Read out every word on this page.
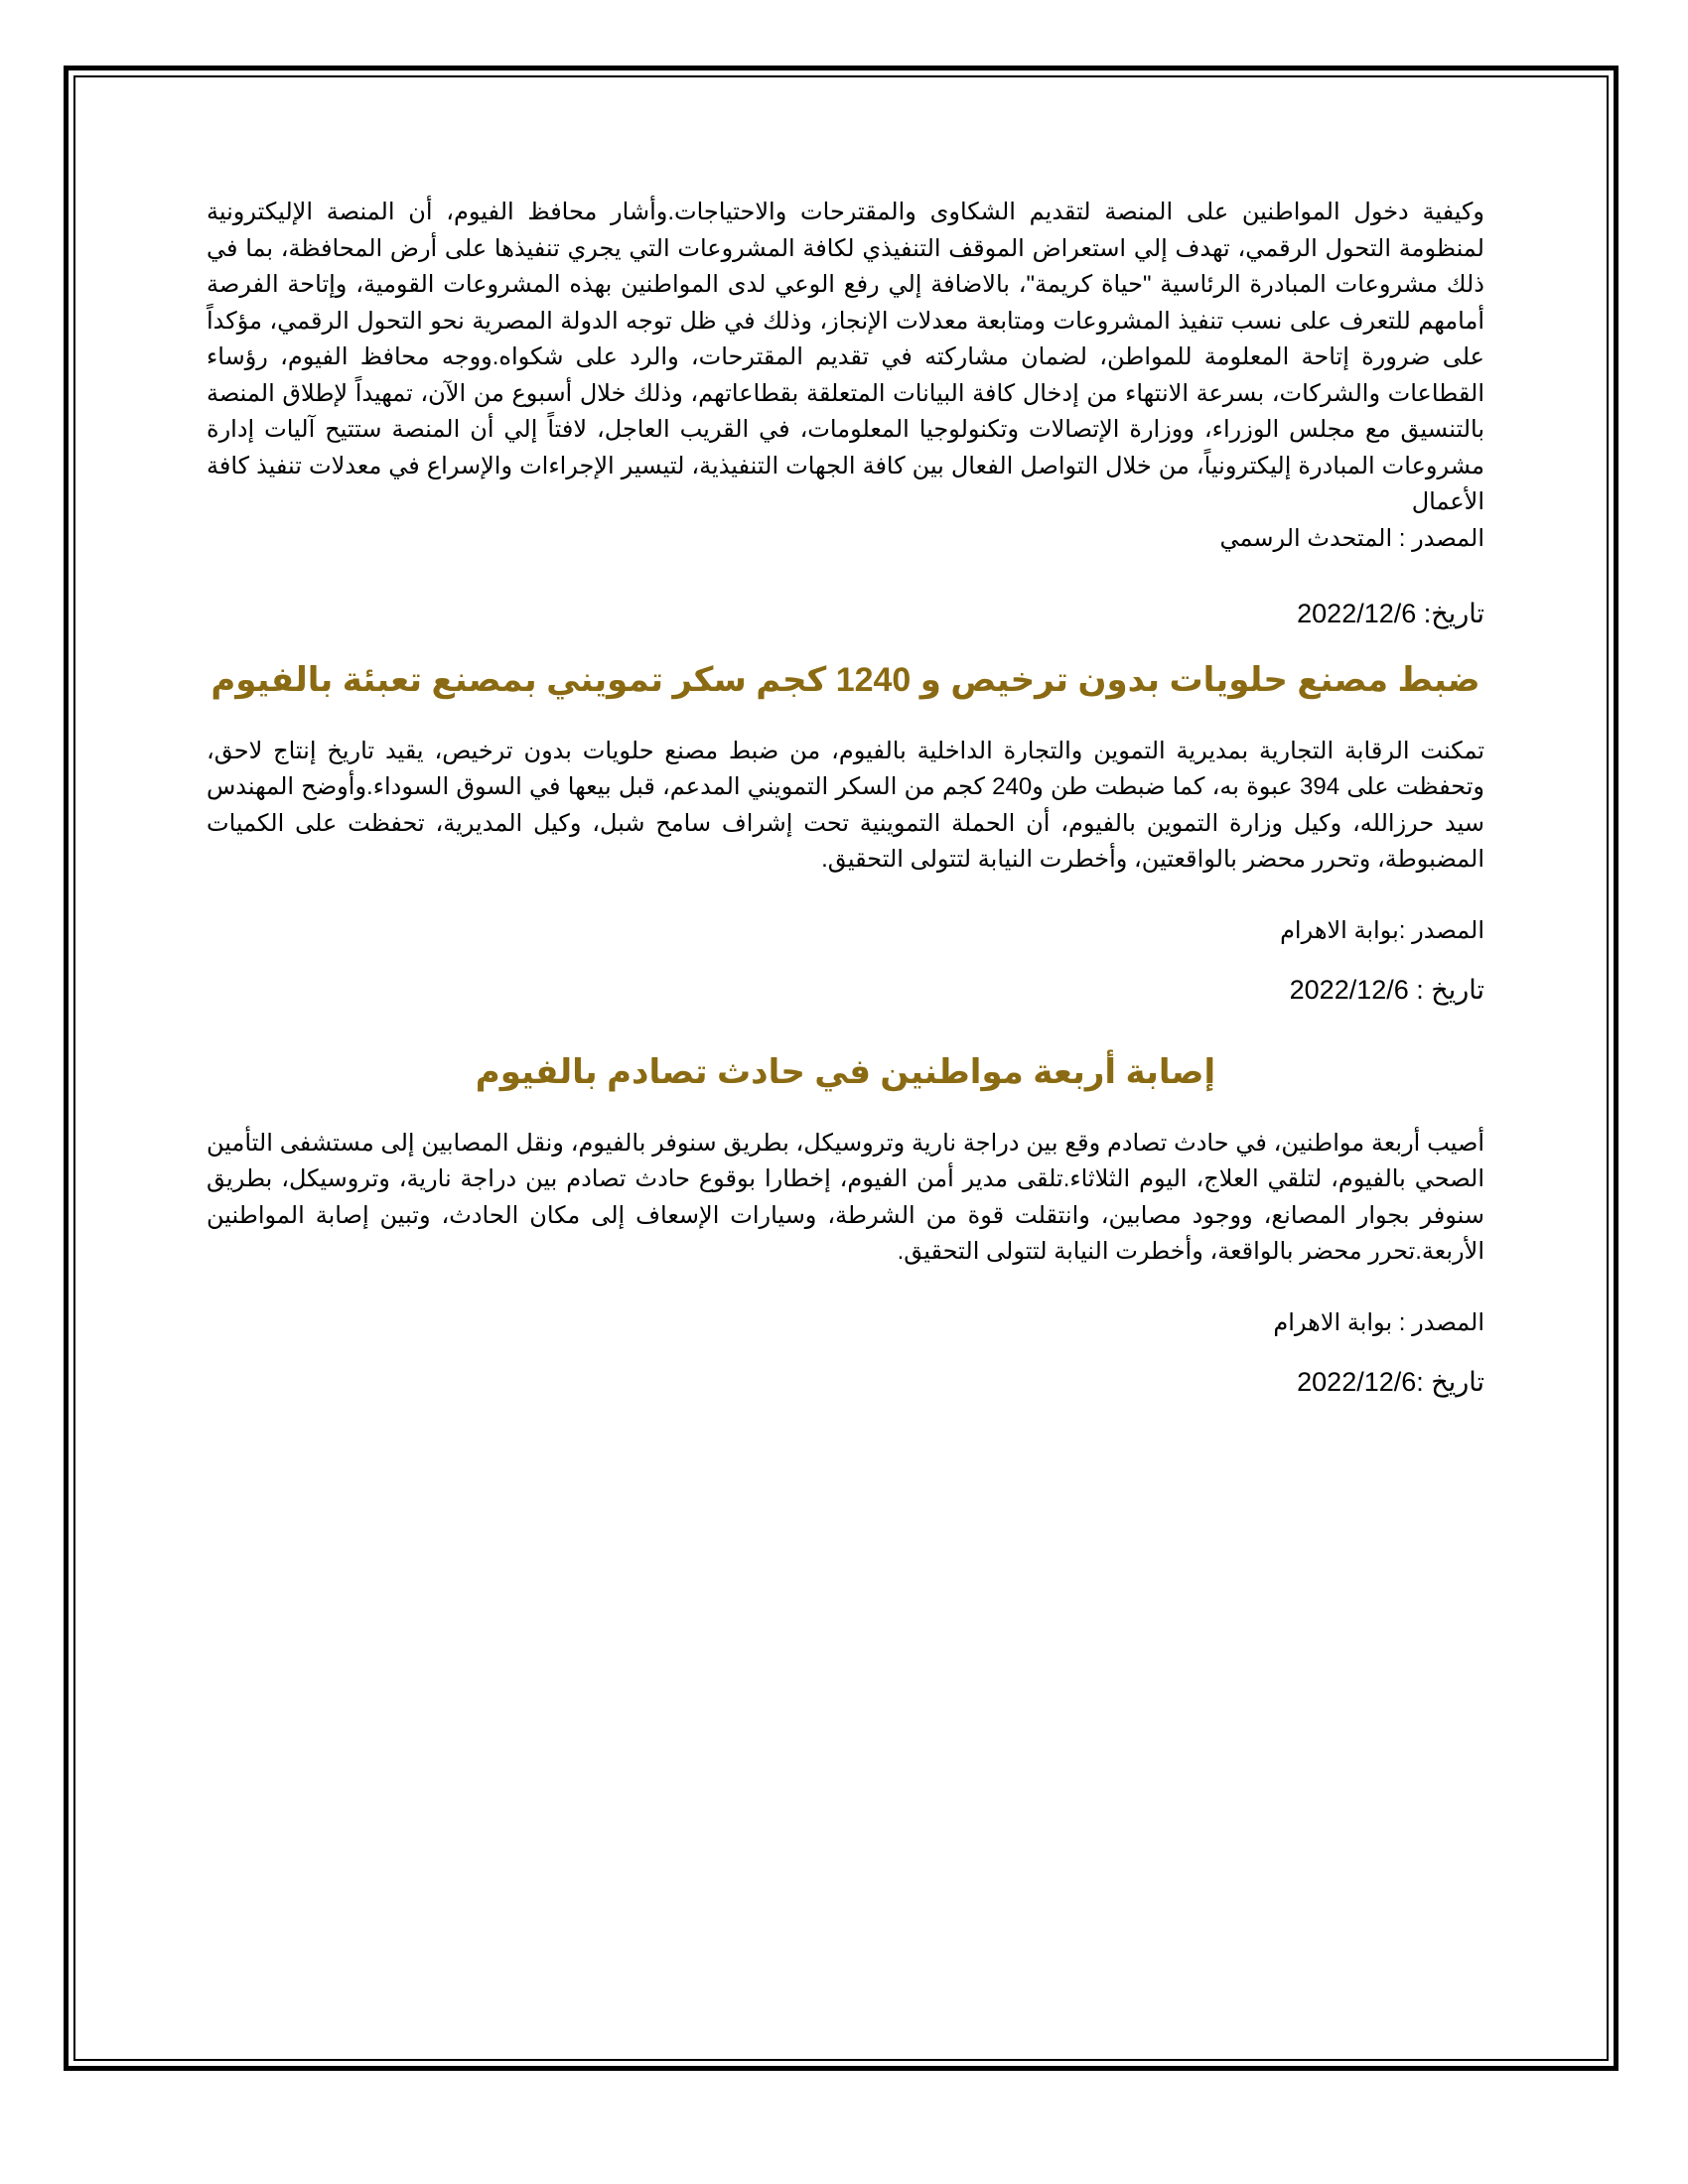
وكيفية دخول المواطنين على المنصة لتقديم الشكاوى والمقترحات والاحتياجات.وأشار محافظ الفيوم، أن المنصة الإليكترونية لمنظومة التحول الرقمي، تهدف إلي استعراض الموقف التنفيذي لكافة المشروعات التي يجري تنفيذها على أرض المحافظة، بما في ذلك مشروعات المبادرة الرئاسية "حياة كريمة"، بالاضافة إلي رفع الوعي لدى المواطنين بهذه المشروعات القومية، وإتاحة الفرصة أمامهم للتعرف على نسب تنفيذ المشروعات ومتابعة معدلات الإنجاز، وذلك في ظل توجه الدولة المصرية نحو التحول الرقمي، مؤكداً على ضرورة إتاحة المعلومة للمواطن، لضمان مشاركته في تقديم المقترحات، والرد على شكواه.ووجه محافظ الفيوم، رؤساء القطاعات والشركات، بسرعة الانتهاء من إدخال كافة البيانات المتعلقة بقطاعاتهم، وذلك خلال أسبوع من الآن، تمهيداً لإطلاق المنصة بالتنسيق مع مجلس الوزراء، ووزارة الإتصالات وتكنولوجيا المعلومات، في القريب العاجل، لافتاً إلي أن المنصة ستتيح آليات إدارة مشروعات المبادرة إليكترونياً، من خلال التواصل الفعال بين كافة الجهات التنفيذية، لتيسير الإجراءات والإسراع في معدلات تنفيذ كافة الأعمال

المصدر : المتحدث الرسمي

تاريخ: 2022/12/6

ضبط مصنع حلويات بدون ترخيص و 1240 كجم سكر تمويني بمصنع تعبئة بالفيوم

تمكنت الرقابة التجارية بمديرية التموين والتجارة الداخلية بالفيوم، من ضبط مصنع حلويات بدون ترخيص، يقيد تاريخ إنتاج لاحق، وتحفظت على 394 عبوة به، كما ضبطت طن و240 كجم من السكر التمويني المدعم، قبل بيعها في السوق السوداء.وأوضح المهندس سيد حرزالله، وكيل وزارة التموين بالفيوم، أن الحملة التموينية تحت إشراف سامح شبل، وكيل المديرية، تحفظت على الكميات المضبوطة، وتحرر محضر بالواقعتين، وأخطرت النيابة لتتولى التحقيق.

المصدر :بوابة الاهرام

تاريخ : 2022/12/6

إصابة أربعة مواطنين في حادث تصادم بالفيوم

أصيب أربعة مواطنين، في حادث تصادم وقع بين دراجة نارية وتروسيكل، بطريق سنوفر بالفيوم، ونقل المصابين إلى مستشفى التأمين الصحي بالفيوم، لتلقي العلاج، اليوم الثلاثاء.تلقى مدير أمن الفيوم، إخطارا بوقوع حادث تصادم بين دراجة نارية، وتروسيكل، بطريق سنوفر بجوار المصانع، ووجود مصابين، وانتقلت قوة من الشرطة، وسيارات الإسعاف إلى مكان الحادث، وتبين إصابة المواطنين الأربعة.تحرر محضر بالواقعة، وأخطرت النيابة لتتولى التحقيق.

المصدر : بوابة الاهرام

تاريخ :2022/12/6
